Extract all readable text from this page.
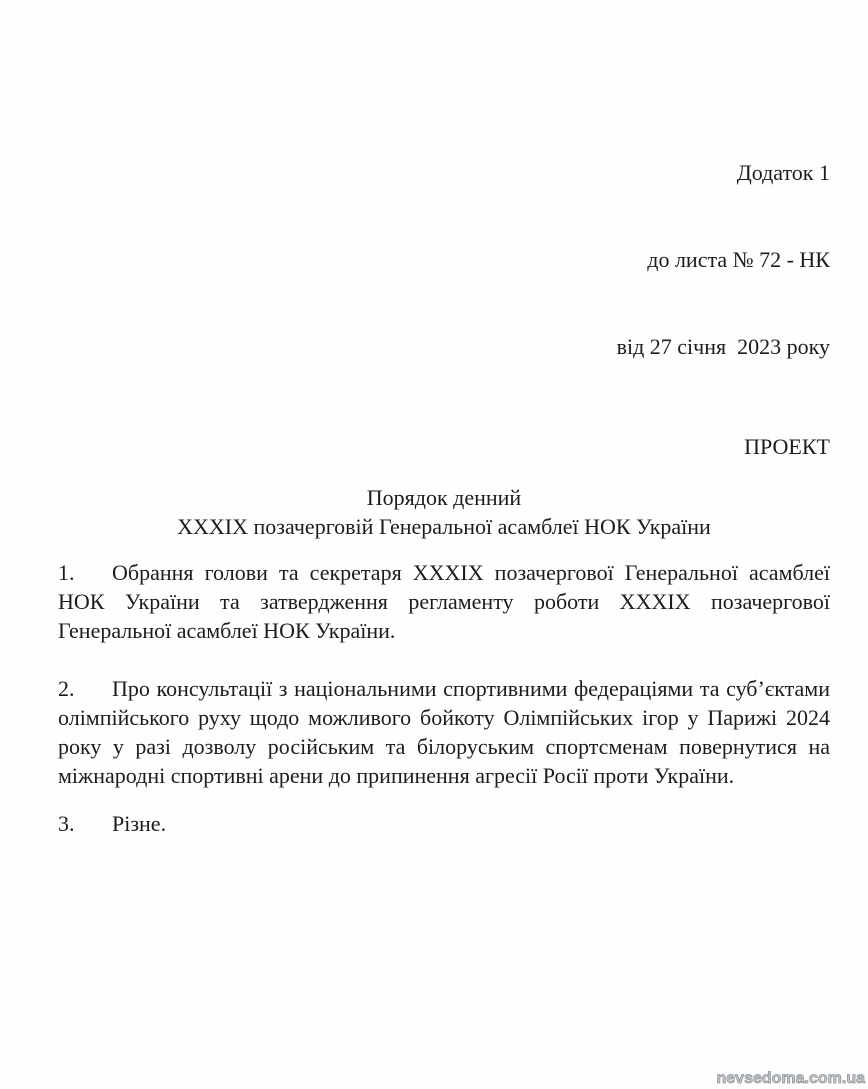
Додаток 1

до листа № 72 - НК

від 27 січня  2023 року

ПРОЕКТ
Порядок денний
XXXIX позачерговій Генеральної асамблеї НОК України

1. Обрання голови та секретаря XXXIX позачергової Генеральної асамблеї НОК України та затвердження регламенту роботи XXXIX позачергової Генеральної асамблеї НОК України.

2. Про консультації з національними спортивними федераціями та суб’єктами олімпійського руху щодо можливого бойкоту Олімпійських ігор у Парижі 2024 року у разі дозволу російським та білоруським спортсменам повернутися на міжнародні спортивні арени до припинення агресії Росії проти України.

3. Різне.

nevsedoma.com.ua
